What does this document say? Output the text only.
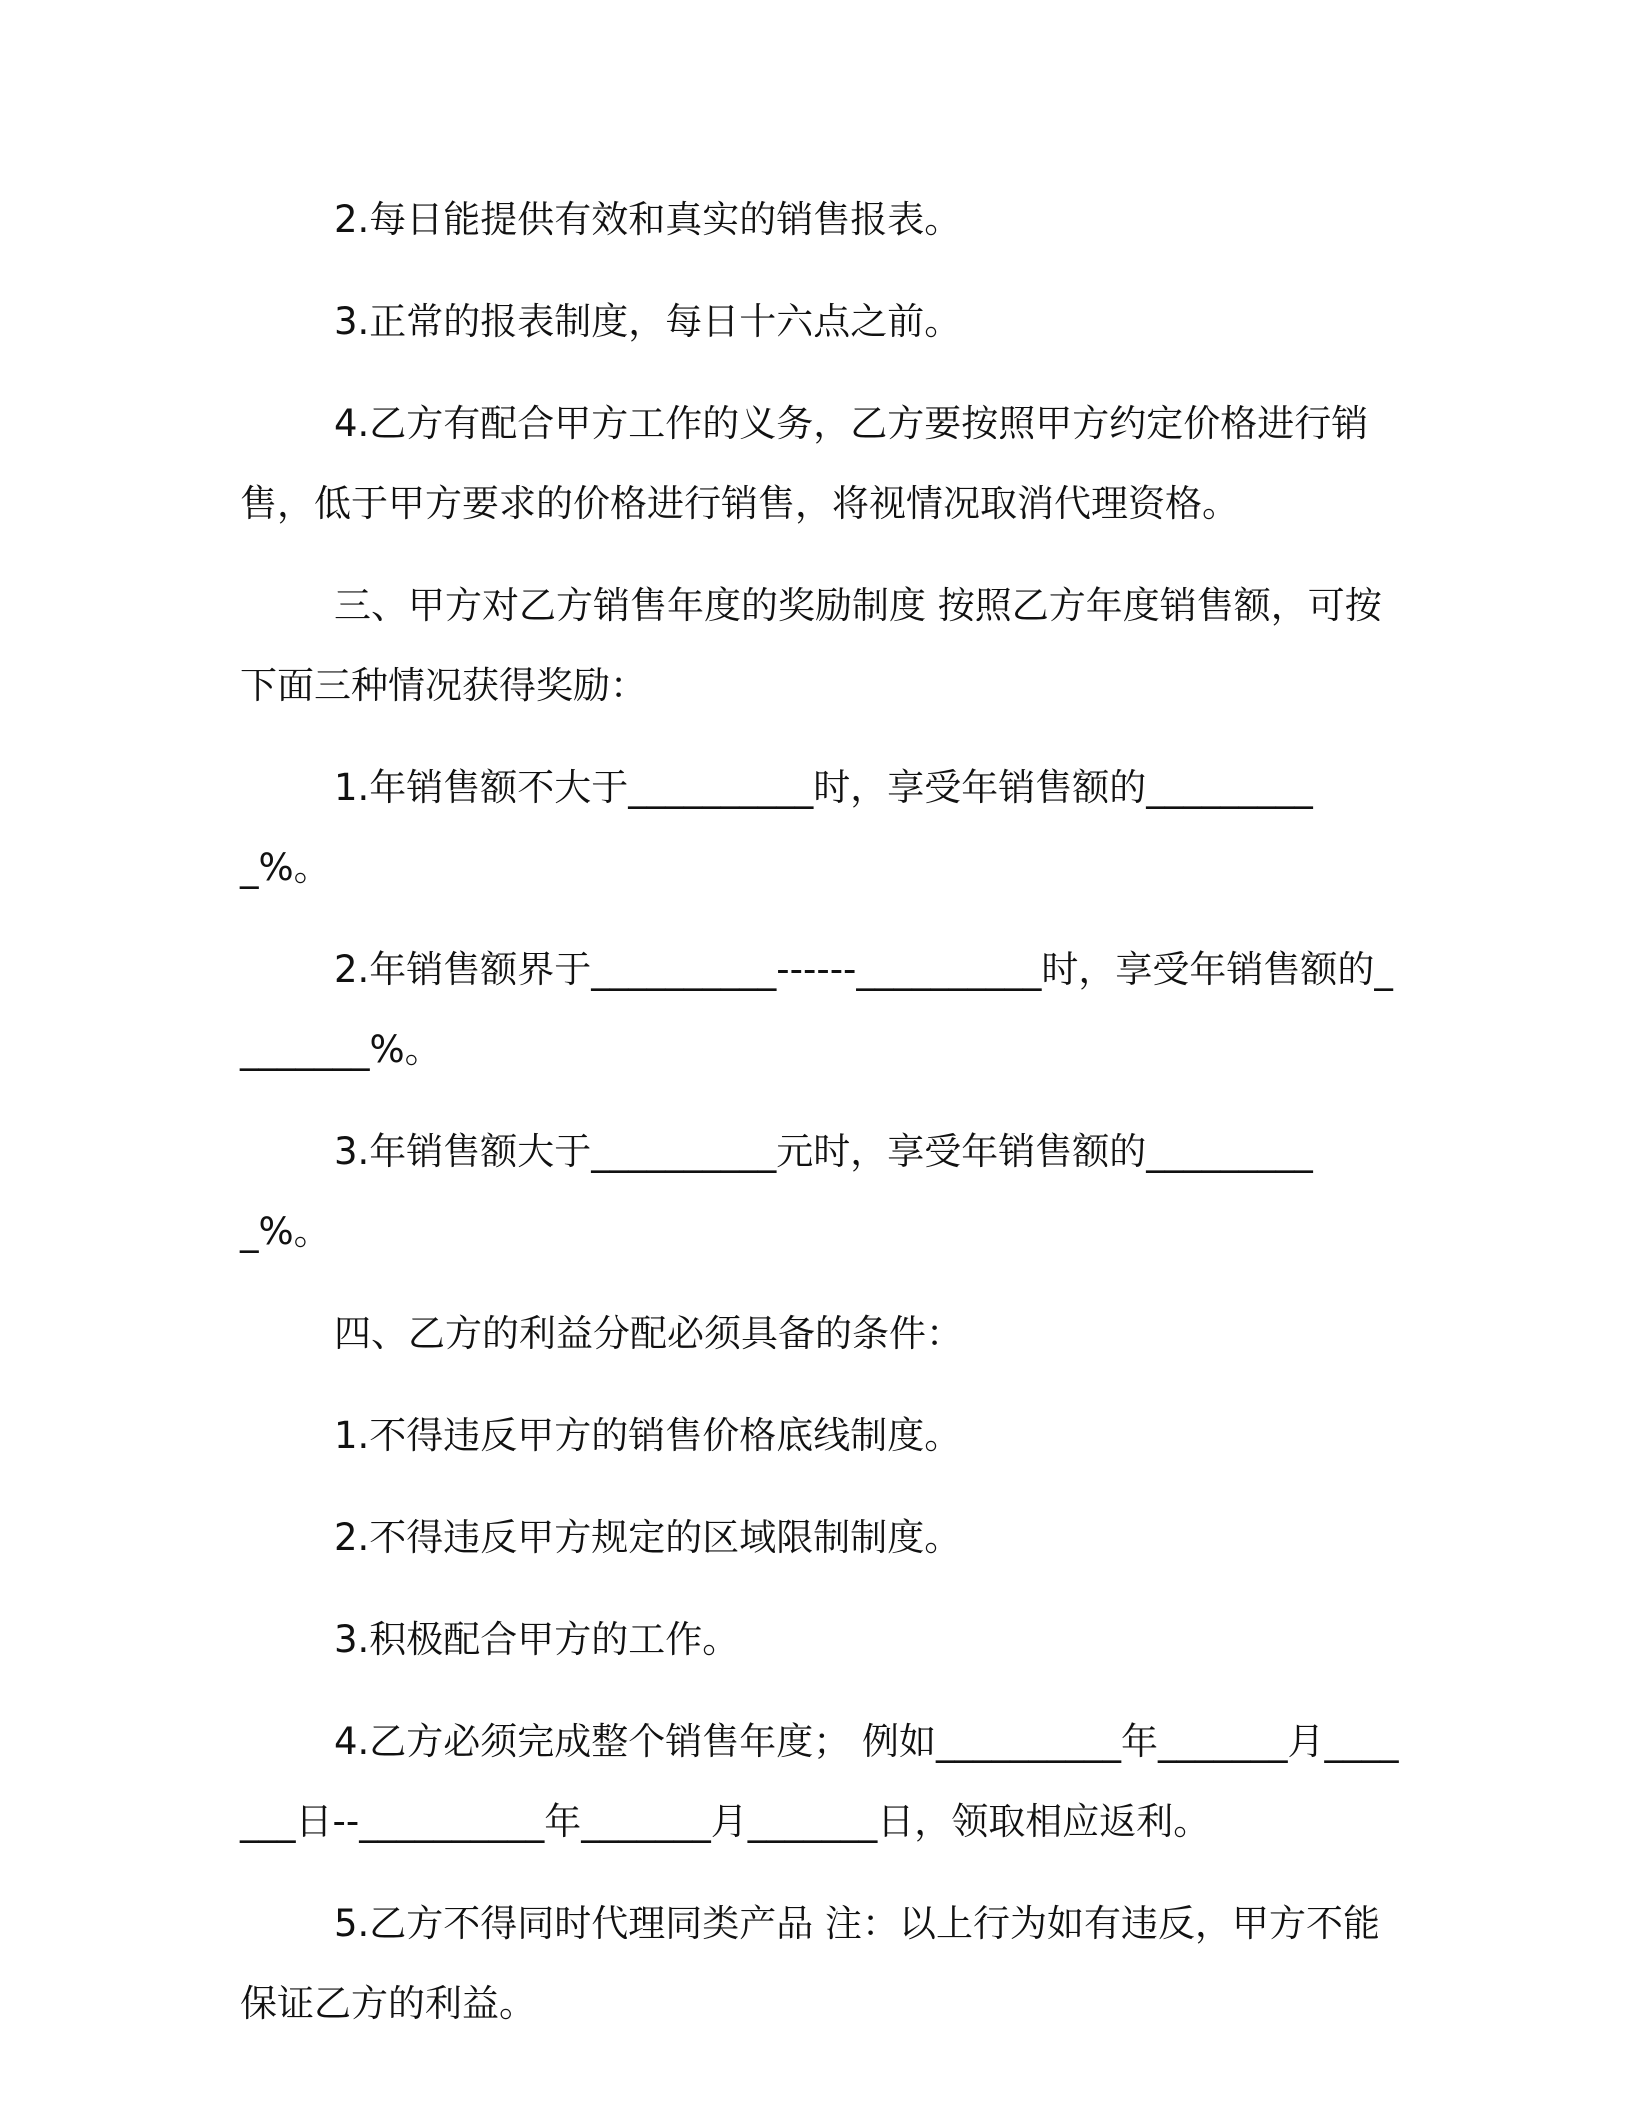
2.每日能提供有效和真实的销售报表。

3.正常的报表制度，每日十六点之前。

4.乙方有配合甲方工作的义务，乙方要按照甲方约定价格进行销售，低于甲方要求的价格进行销售，将视情况取消代理资格。

三、甲方对乙方销售年度的奖励制度 按照乙方年度销售额，可按下面三种情况获得奖励：

1.年销售额不大于__________时，享受年销售额的__________%。

2.年销售额界于__________------__________时，享受年销售额的________%。

3.年销售额大于__________元时，享受年销售额的__________%。

四、乙方的利益分配必须具备的条件：

1.不得违反甲方的销售价格底线制度。

2.不得违反甲方规定的区域限制制度。

3.积极配合甲方的工作。

4.乙方必须完成整个销售年度； 例如__________年_______月_______日--__________年_______月_______日，领取相应返利。

5.乙方不得同时代理同类产品 注：以上行为如有违反，甲方不能保证乙方的利益。
